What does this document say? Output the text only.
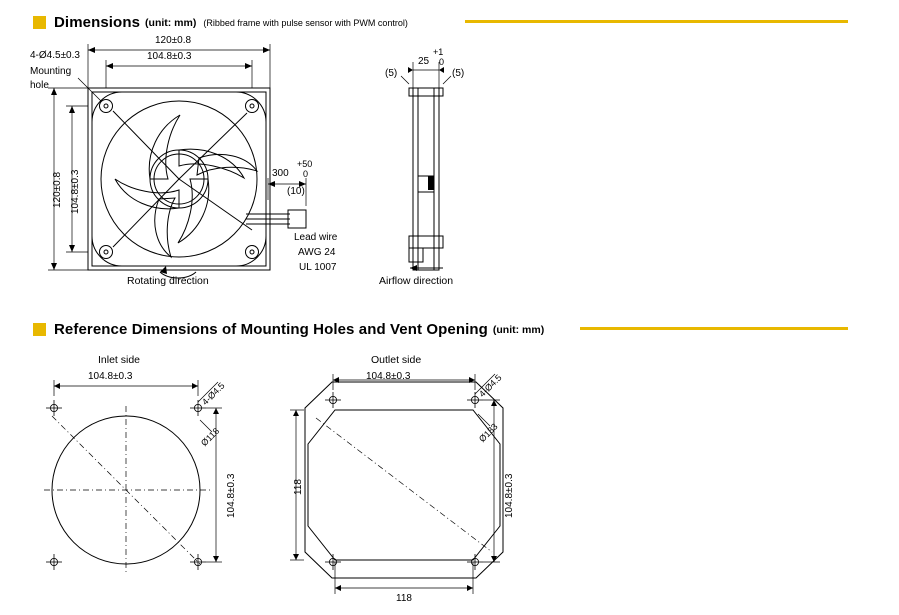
Dimensions (unit: mm) (Ribbed frame with pulse sensor with PWM control)
4-Ø4.5±0.3
Mounting
hole
120±0.8
104.8±0.3
120±0.8 104.8±0.3	300
+50
0
(10)
Lead wire
AWG 24
UL 1007
Rotating direction
25
+1
0
(5)	(5)
Airflow direction
Reference Dimensions of Mounting Holes and Vent Opening (unit: mm)
Inlet side
104.8±0.3
4-Ø4.5
Ø118
104.8±0.3
Outlet side
104.8±0.3	4-Ø4.5
Ø133
104.8±0.3
118
118
